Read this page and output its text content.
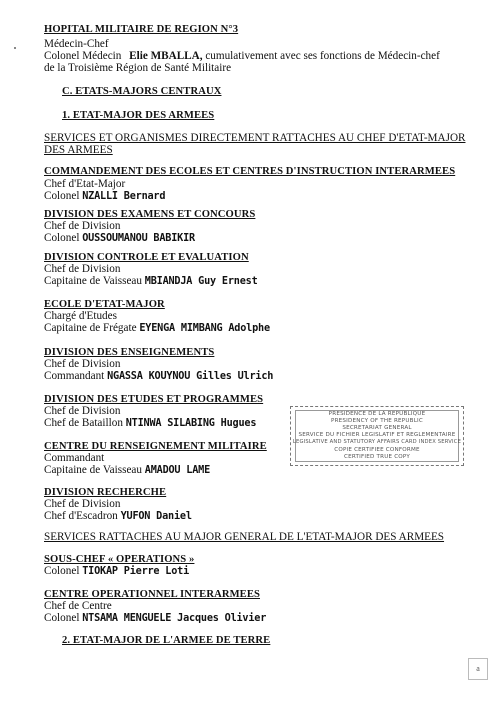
HOPITAL MILITAIRE DE REGION N°3
Médecin-Chef
Colonel Médecin Elie MBALLA, cumulativement avec ses fonctions de Médecin-chef
de la Troisième Région de Santé Militaire
C. ETATS-MAJORS CENTRAUX
1. ETAT-MAJOR DES ARMEES
SERVICES ET ORGANISMES DIRECTEMENT RATTACHES AU CHEF D'ETAT-MAJOR
DES ARMEES
COMMANDEMENT DES ECOLES ET CENTRES D'INSTRUCTION INTERARMEES
Chef d'Etat-Major
Colonel NZALLI Bernard
DIVISION DES EXAMENS ET CONCOURS
Chef de Division
Colonel OUSSOUMANOU BABIKIR
DIVISION CONTROLE ET EVALUATION
Chef de Division
Capitaine de Vaisseau MBIANDJA Guy Ernest
ECOLE D'ETAT-MAJOR
Chargé d'Etudes
Capitaine de Frégate EYENGA MIMBANG Adolphe
DIVISION DES ENSEIGNEMENTS
Chef de Division
Commandant NGASSA KOUYNOU Gilles Ulrich
DIVISION DES ETUDES ET PROGRAMMES
Chef de Division
Chef de Bataillon NTINWA SILABING Hugues
CENTRE DU RENSEIGNEMENT MILITAIRE
Commandant
Capitaine de Vaisseau AMADOU LAME
DIVISION RECHERCHE
Chef de Division
Chef d'Escadron YUFON Daniel
SERVICES RATTACHES AU MAJOR GENERAL DE L'ETAT-MAJOR DES ARMEES
SOUS-CHEF « OPERATIONS »
Colonel TIOKAP Pierre Loti
CENTRE OPERATIONNEL INTERARMEES
Chef de Centre
Colonel NTSAMA MENGUELE Jacques Olivier
2. ETAT-MAJOR DE L'ARMEE DE TERRE
PRESIDENCE DE LA REPUBLIQUE
PRESIDENCY OF THE REPUBLIC
SECRETARIAT GENERAL
SERVICE DU FICHIER LEGISLATIF ET REGLEMENTAIRE
LEGISLATIVE AND STATUTORY AFFAIRS CARD INDEX SERVICE
COPIE CERTIFIEE CONFORME
CERTIFIED TRUE COPY
a
